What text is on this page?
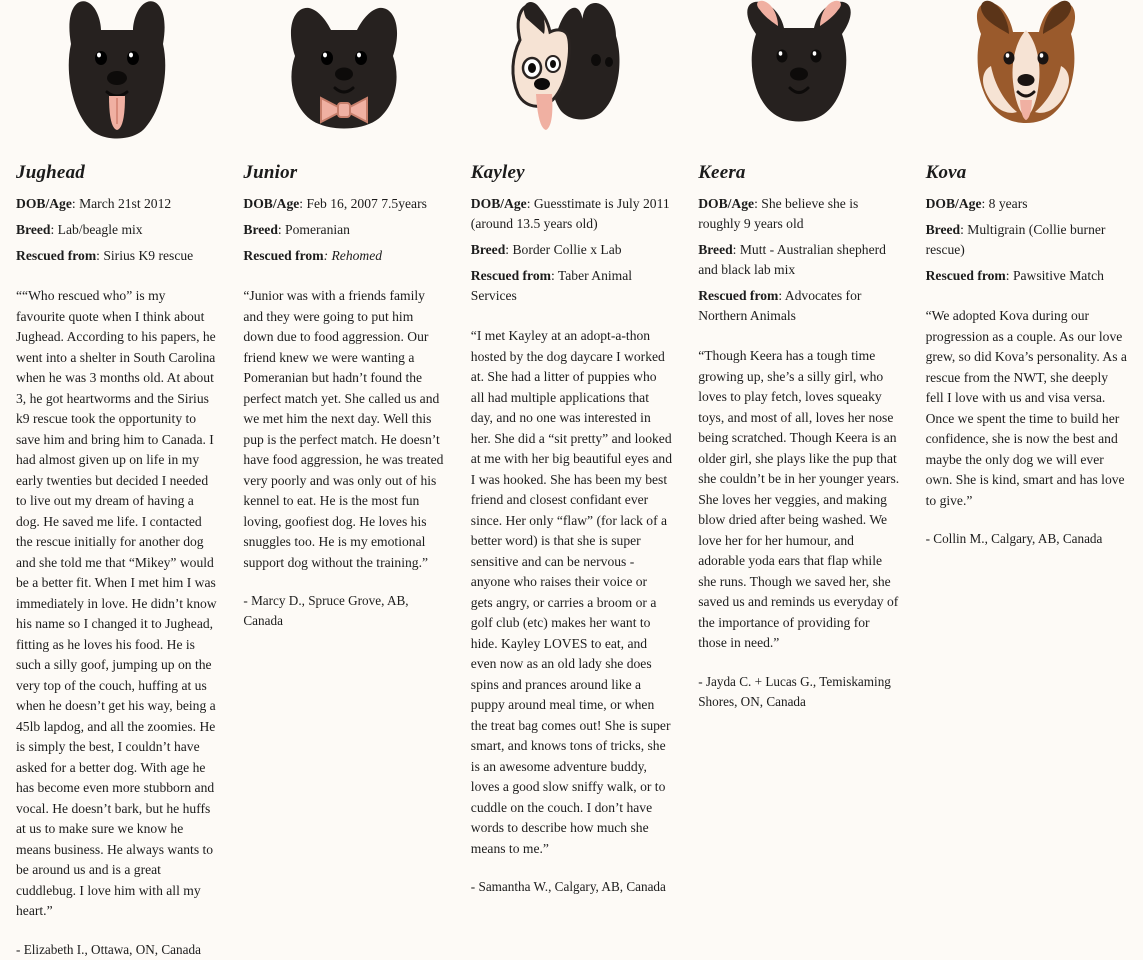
Jughead
DOB/Age: March 21st 2012
Breed: Lab/beagle mix
Rescued from: Sirius K9 rescue
““Who rescued who” is my favourite quote when I think about Jughead. According to his papers, he went into a shelter in South Carolina when he was 3 months old. At about 3, he got heartworms and the Sirius k9 rescue took the opportunity to save him and bring him to Canada. I had almost given up on life in my early twenties but decided I needed to live out my dream of having a dog. He saved me life. I contacted the rescue initially for another dog and she told me that “Mikey” would be a better fit. When I met him I was immediately in love. He didn’t know his name so I changed it to Jughead, fitting as he loves his food. He is such a silly goof, jumping up on the very top of the couch, huffing at us when he doesn’t get his way, being a 45lb lapdog, and all the zoomies. He is simply the best, I couldn’t have asked for a better dog. With age he has become even more stubborn and vocal. He doesn’t bark, but he huffs at us to make sure we know he means business. He always wants to be around us and is a great cuddlebug. I love him with all my heart.”
- Elizabeth I., Ottawa, ON, Canada
Junior
DOB/Age: Feb 16, 2007 7.5years
Breed: Pomeranian
Rescued from: Rehomed
“Junior was with a friends family and they were going to put him down due to food aggression. Our friend knew we were wanting a Pomeranian but hadn’t found the perfect match yet. She called us and we met him the next day. Well this pup is the perfect match. He doesn’t have food aggression, he was treated very poorly and was only out of his kennel to eat. He is the most fun loving, goofiest dog. He loves his snuggles too. He is my emotional support dog without the training.”
- Marcy D., Spruce Grove, AB, Canada
Kayley
DOB/Age: Guesstimate is July 2011 (around 13.5 years old)
Breed: Border Collie x Lab
Rescued from: Taber Animal Services
“I met Kayley at an adopt-a-thon hosted by the dog daycare I worked at. She had a litter of puppies who all had multiple applications that day, and no one was interested in her. She did a “sit pretty” and looked at me with her big beautiful eyes and I was hooked. She has been my best friend and closest confidant ever since. Her only “flaw” (for lack of a better word) is that she is super sensitive and can be nervous - anyone who raises their voice or gets angry, or carries a broom or a golf club (etc) makes her want to hide. Kayley LOVES to eat, and even now as an old lady she does spins and prances around like a puppy around meal time, or when the treat bag comes out! She is super smart, and knows tons of tricks, she is an awesome adventure buddy, loves a good slow sniffy walk, or to cuddle on the couch. I don’t have words to describe how much she means to me.”
- Samantha W., Calgary, AB, Canada
Keera
DOB/Age: She believe she is roughly 9 years old
Breed: Mutt - Australian shepherd and black lab mix
Rescued from: Advocates for Northern Animals
“Though Keera has a tough time growing up, she’s a silly girl, who loves to play fetch, loves squeaky toys, and most of all, loves her nose being scratched. Though Keera is an older girl, she plays like the pup that she couldn’t be in her younger years. She loves her veggies, and making blow dried after being washed. We love her for her humour, and adorable yoda ears that flap while she runs. Though we saved her, she saved us and reminds us everyday of the importance of providing for those in need.”
- Jayda C. + Lucas G., Temiskaming Shores, ON, Canada
Kova
DOB/Age: 8 years
Breed: Multigrain (Collie burner rescue)
Rescued from: Pawsitive Match
“We adopted Kova during our progression as a couple. As our love grew, so did Kova’s personality. As a rescue from the NWT, she deeply fell I love with us and visa versa. Once we spent the time to build her confidence, she is now the best and maybe the only dog we will ever own. She is kind, smart and has love to give.”
- Collin M., Calgary, AB, Canada
